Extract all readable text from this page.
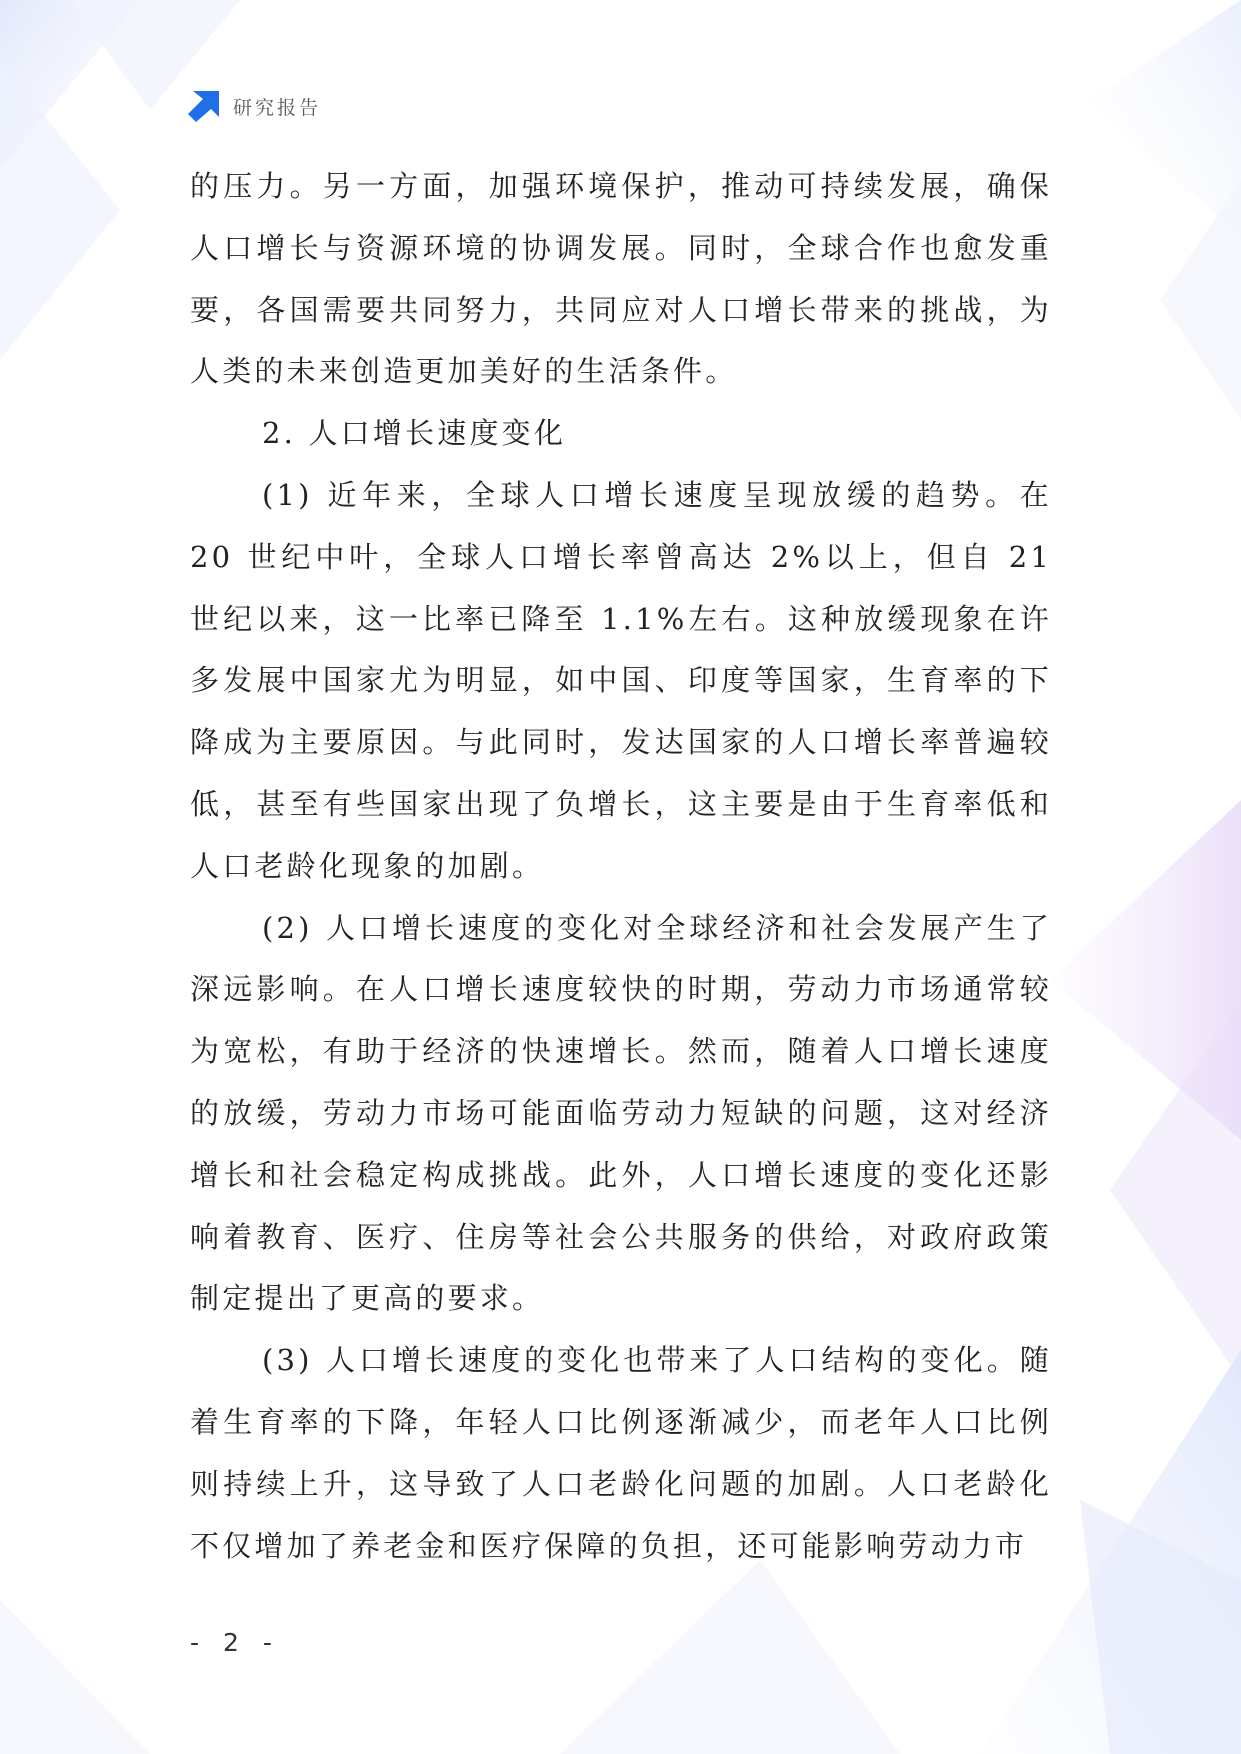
研究报告

的压力。另一方面，加强环境保护，推动可持续发展，确保人口增长与资源环境的协调发展。同时，全球合作也愈发重要，各国需要共同努力，共同应对人口增长带来的挑战，为人类的未来创造更加美好的生活条件。

2. 人口增长速度变化

(1) 近年来，全球人口增长速度呈现放缓的趋势。在 20 世纪中叶，全球人口增长率曾高达 2%以上，但自 21 世纪以来，这一比率已降至 1.1%左右。这种放缓现象在许多发展中国家尤为明显，如中国、印度等国家，生育率的下降成为主要原因。与此同时，发达国家的人口增长率普遍较低，甚至有些国家出现了负增长，这主要是由于生育率低和人口老龄化现象的加剧。

(2) 人口增长速度的变化对全球经济和社会发展产生了深远影响。在人口增长速度较快的时期，劳动力市场通常较为宽松，有助于经济的快速增长。然而，随着人口增长速度的放缓，劳动力市场可能面临劳动力短缺的问题，这对经济增长和社会稳定构成挑战。此外，人口增长速度的变化还影响着教育、医疗、住房等社会公共服务的供给，对政府政策制定提出了更高的要求。

(3) 人口增长速度的变化也带来了人口结构的变化。随着生育率的下降，年轻人口比例逐渐减少，而老年人口比例则持续上升，这导致了人口老龄化问题的加剧。人口老龄化不仅增加了养老金和医疗保障的负担，还可能影响劳动力市

- 2 -
